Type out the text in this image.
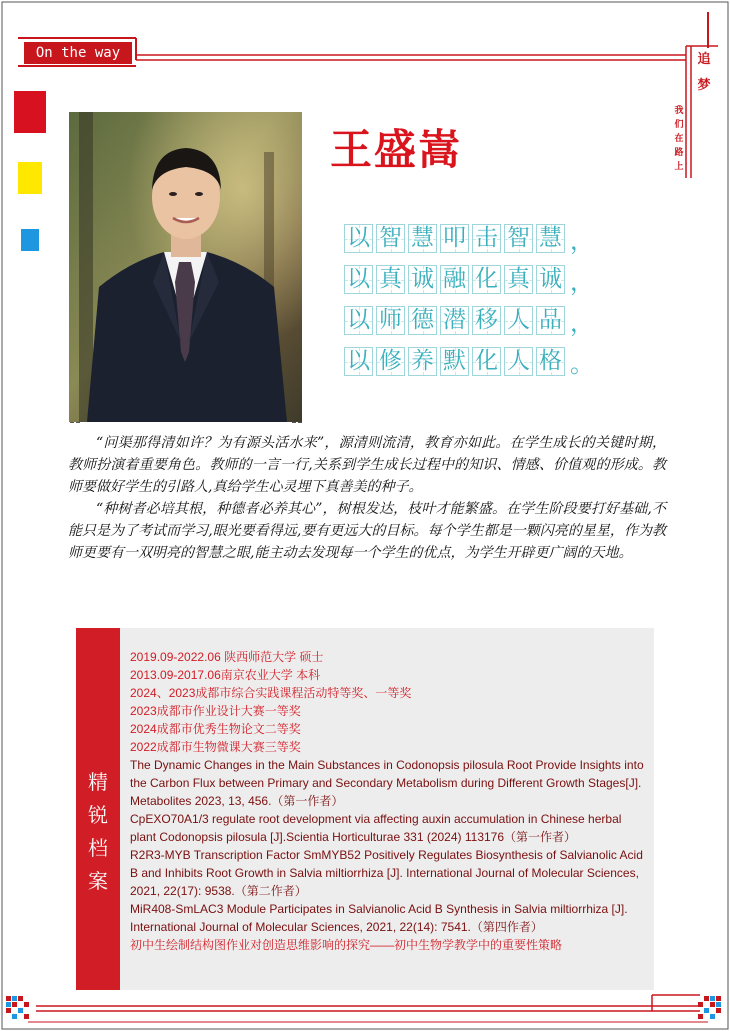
On the way	追
梦
我
们
在
路
上
王盛嵩
以 智 慧 叩 击 智 慧 ，
以 真 诚 融 化 真 诚 ，
以 师 德 潜 移 人 品 ，
以 修 养 默 化 人 格 。

“问渠那得清如许？为有源头活水来”，源清则流清，教育亦如此。在学生成长的关键时期，教师扮演着重要角色。教师的一言一行,关系到学生成长过程中的知识、情感、价值观的形成。教师要做好学生的引路人,真给学生心灵埋下真善美的种子。

“种树者必培其根，种德者必养其心”，树根发达，枝叶才能繁盛。在学生阶段要打好基础,不能只是为了考试而学习,眼光要看得远,要有更远大的目标。每个学生都是一颗闪亮的星星，作为教师更要有一双明亮的智慧之眼,能主动去发现每一个学生的优点，为学生开辟更广阔的天地。

精
锐
档
案
2019.09-2022.06 陕西师范大学 硕士
2013.09-2017.06南京农业大学 本科
2024、2023成都市综合实践课程活动特等奖、一等奖
2023成都市作业设计大赛一等奖
2024成都市优秀生物论文二等奖
2022成都市生物微课大赛三等奖
The Dynamic Changes in the Main Substances in Codonopsis pilosula Root Provide Insights into the Carbon Flux between Primary and Secondary Metabolism during Different Growth Stages[J]. Metabolites 2023, 13, 456.（第一作者）
CpEXO70A1/3 regulate root development via affecting auxin accumulation in Chinese herbal plant Codonopsis pilosula [J].Scientia Horticulturae 331 (2024) 113176（第一作者）
R2R3-MYB Transcription Factor SmMYB52 Positively Regulates Biosynthesis of Salvianolic Acid B and Inhibits Root Growth in Salvia miltiorrhiza [J]. International Journal of Molecular Sciences, 2021, 22(17): 9538.（第二作者）
MiR408-SmLAC3 Module Participates in Salvianolic Acid B Synthesis in Salvia miltiorrhiza [J]. International Journal of Molecular Sciences, 2021, 22(14): 7541.（第四作者）
初中生绘制结构图作业对创造思维影响的探究——初中生物学教学中的重要性策略
